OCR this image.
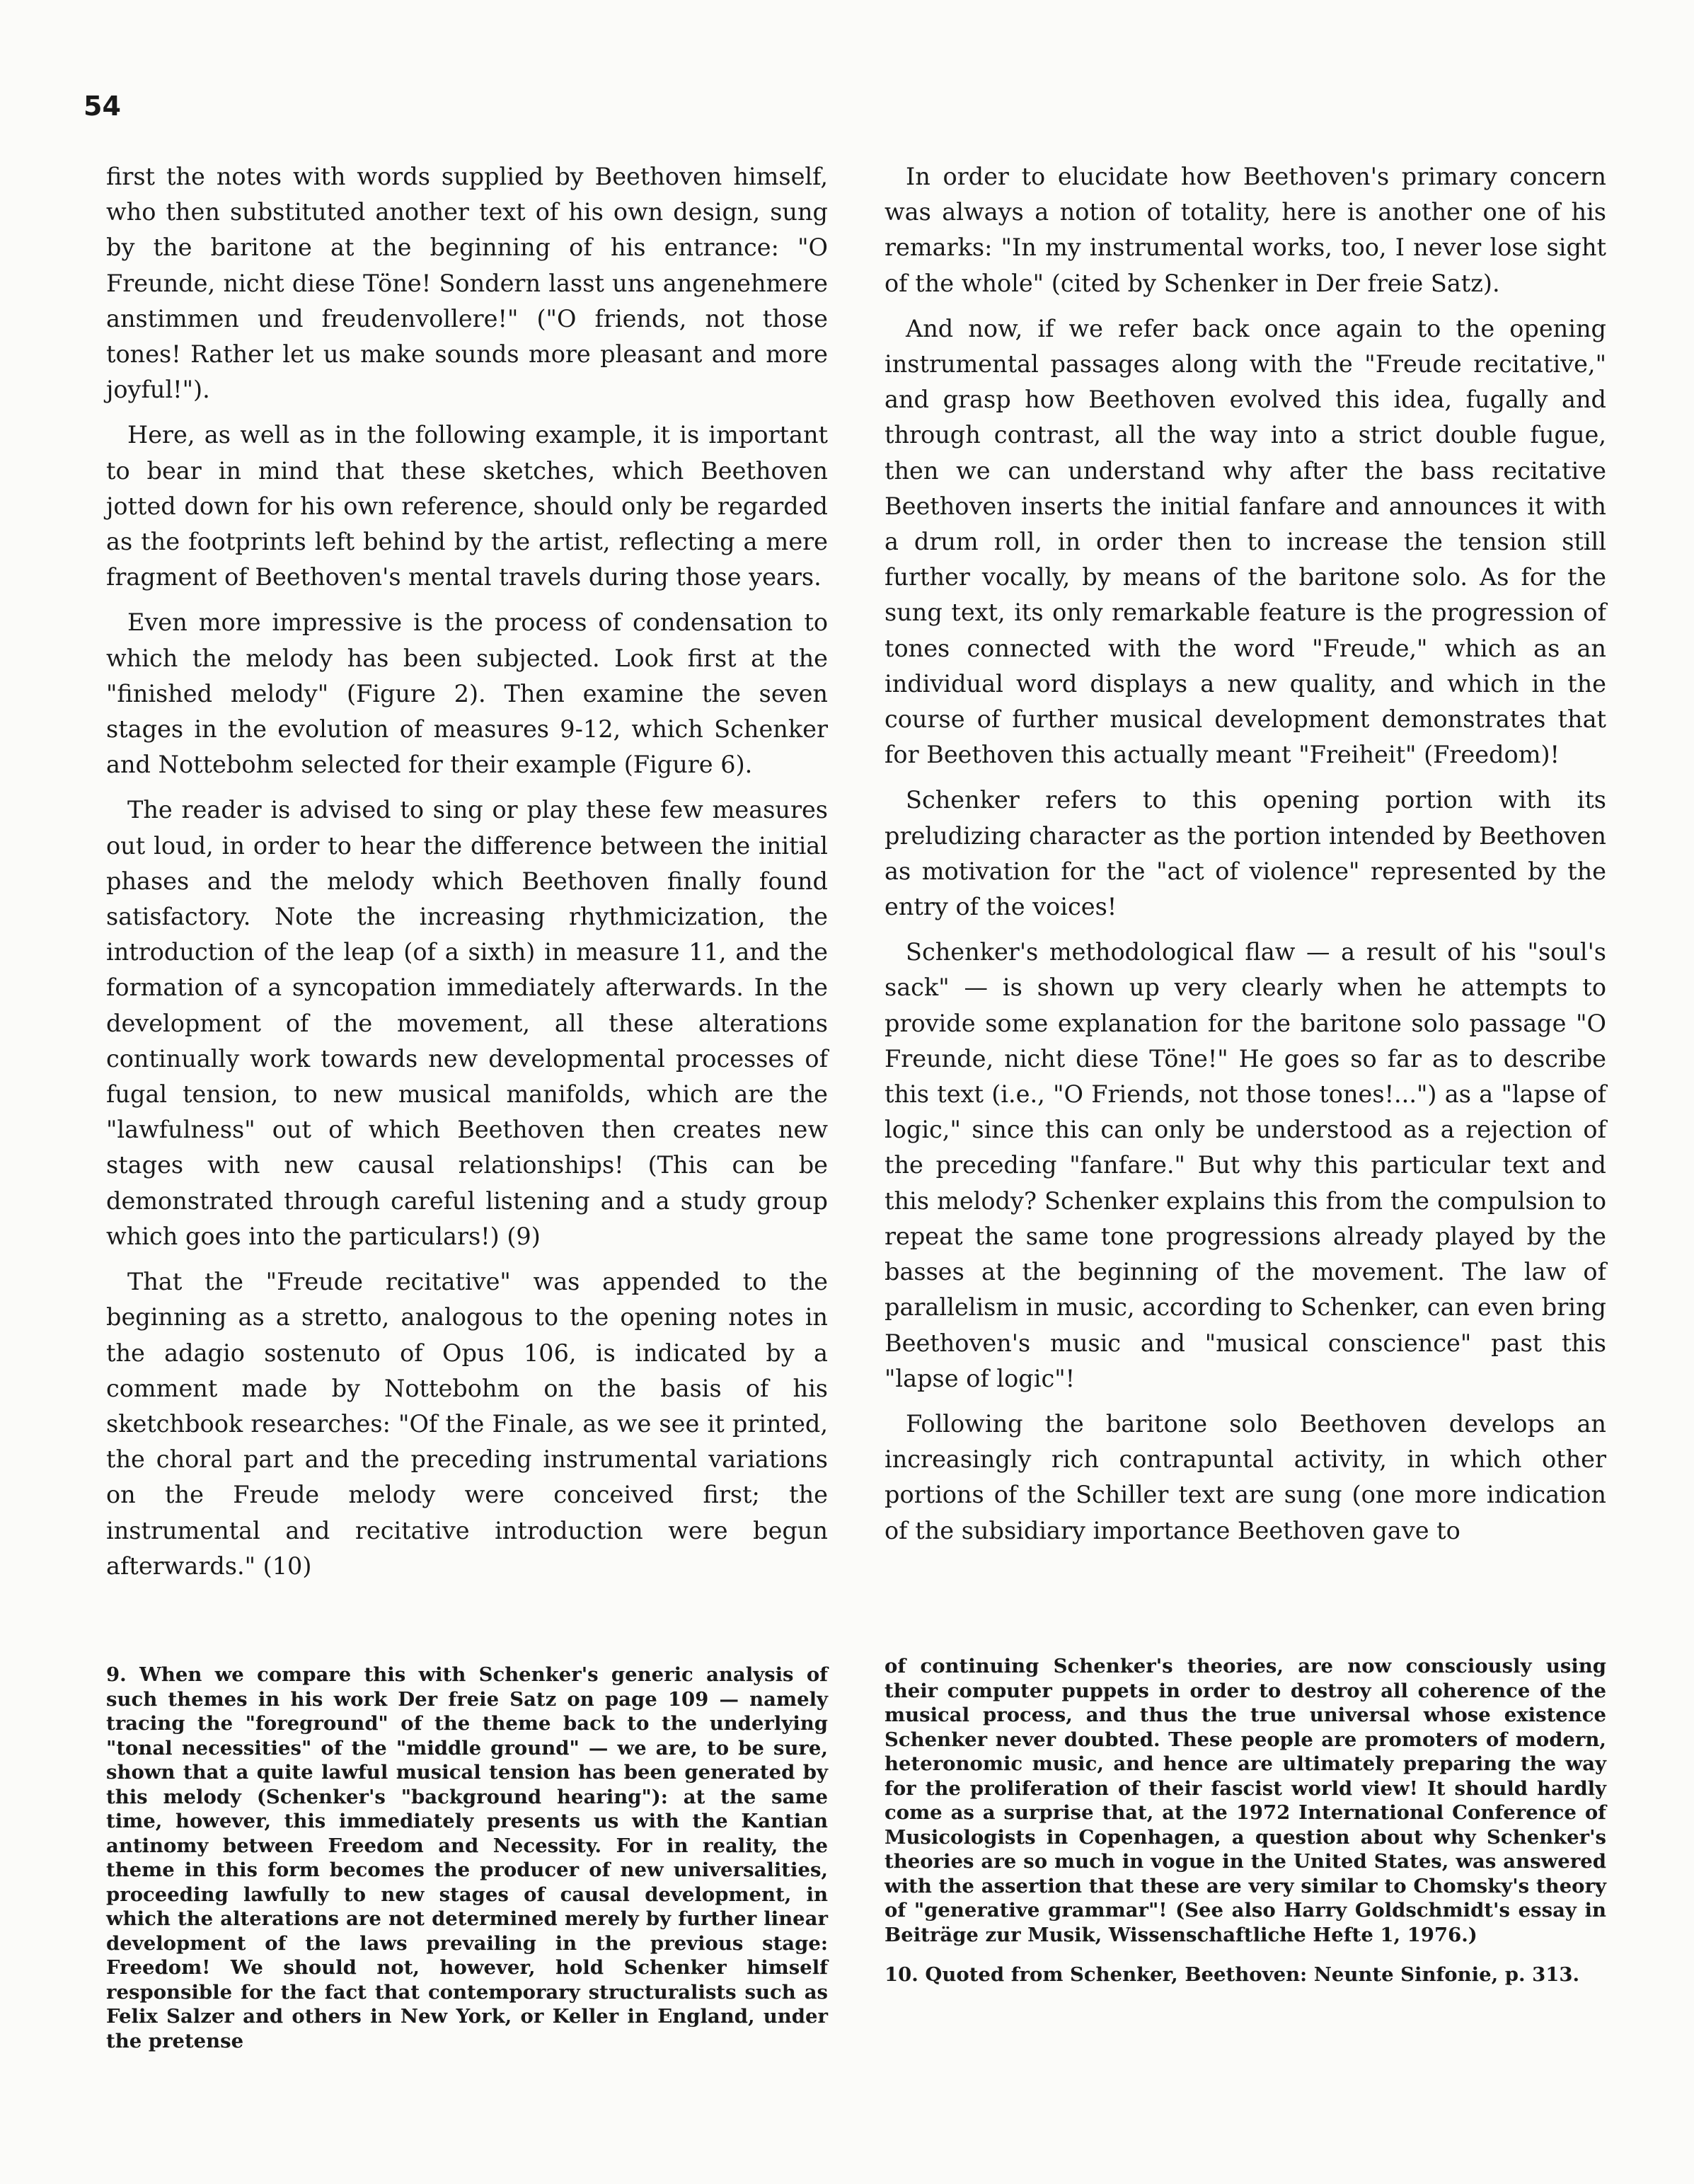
54

first the notes with words supplied by Beethoven himself, who then substituted another text of his own design, sung by the baritone at the beginning of his entrance: "O Freunde, nicht diese Töne! Sondern lasst uns angenehmere anstimmen und freudenvollere!" ("O friends, not those tones! Rather let us make sounds more pleasant and more joyful!").

Here, as well as in the following example, it is important to bear in mind that these sketches, which Beethoven jotted down for his own reference, should only be regarded as the footprints left behind by the artist, reflecting a mere fragment of Beethoven's mental travels during those years.

Even more impressive is the process of condensation to which the melody has been subjected. Look first at the "finished melody" (Figure 2). Then examine the seven stages in the evolution of measures 9-12, which Schenker and Nottebohm selected for their example (Figure 6).

The reader is advised to sing or play these few measures out loud, in order to hear the difference between the initial phases and the melody which Beethoven finally found satisfactory. Note the increasing rhythmicization, the introduction of the leap (of a sixth) in measure 11, and the formation of a syncopation immediately afterwards. In the development of the movement, all these alterations continually work towards new developmental processes of fugal tension, to new musical manifolds, which are the "lawfulness" out of which Beethoven then creates new stages with new causal relationships! (This can be demonstrated through careful listening and a study group which goes into the particulars!) (9)

That the "Freude recitative" was appended to the beginning as a stretto, analogous to the opening notes in the adagio sostenuto of Opus 106, is indicated by a comment made by Nottebohm on the basis of his sketchbook researches: "Of the Finale, as we see it printed, the choral part and the preceding instrumental variations on the Freude melody were conceived first; the instrumental and recitative introduction were begun afterwards." (10)

In order to elucidate how Beethoven's primary concern was always a notion of totality, here is another one of his remarks: "In my instrumental works, too, I never lose sight of the whole" (cited by Schenker in Der freie Satz).

And now, if we refer back once again to the opening instrumental passages along with the "Freude recitative," and grasp how Beethoven evolved this idea, fugally and through contrast, all the way into a strict double fugue, then we can understand why after the bass recitative Beethoven inserts the initial fanfare and announces it with a drum roll, in order then to increase the tension still further vocally, by means of the baritone solo. As for the sung text, its only remarkable feature is the progression of tones connected with the word "Freude," which as an individual word displays a new quality, and which in the course of further musical development demonstrates that for Beethoven this actually meant "Freiheit" (Freedom)!

Schenker refers to this opening portion with its preludizing character as the portion intended by Beethoven as motivation for the "act of violence" represented by the entry of the voices!

Schenker's methodological flaw — a result of his "soul's sack" — is shown up very clearly when he attempts to provide some explanation for the baritone solo passage "O Freunde, nicht diese Töne!" He goes so far as to describe this text (i.e., "O Friends, not those tones!...") as a "lapse of logic," since this can only be understood as a rejection of the preceding "fanfare." But why this particular text and this melody? Schenker explains this from the compulsion to repeat the same tone progressions already played by the basses at the beginning of the movement. The law of parallelism in music, according to Schenker, can even bring Beethoven's music and "musical conscience" past this "lapse of logic"!

Following the baritone solo Beethoven develops an increasingly rich contrapuntal activity, in which other portions of the Schiller text are sung (one more indication of the subsidiary importance Beethoven gave to

9. When we compare this with Schenker's generic analysis of such themes in his work Der freie Satz on page 109 — namely tracing the "foreground" of the theme back to the underlying "tonal necessities" of the "middle ground" — we are, to be sure, shown that a quite lawful musical tension has been generated by this melody (Schenker's "background hearing"): at the same time, however, this immediately presents us with the Kantian antinomy between Freedom and Necessity. For in reality, the theme in this form becomes the producer of new universalities, proceeding lawfully to new stages of causal development, in which the alterations are not determined merely by further linear development of the laws prevailing in the previous stage: Freedom! We should not, however, hold Schenker himself responsible for the fact that contemporary structuralists such as Felix Salzer and others in New York, or Keller in England, under the pretense

of continuing Schenker's theories, are now consciously using their computer puppets in order to destroy all coherence of the musical process, and thus the true universal whose existence Schenker never doubted. These people are promoters of modern, heteronomic music, and hence are ultimately preparing the way for the proliferation of their fascist world view! It should hardly come as a surprise that, at the 1972 International Conference of Musicologists in Copenhagen, a question about why Schenker's theories are so much in vogue in the United States, was answered with the assertion that these are very similar to Chomsky's theory of "generative grammar"! (See also Harry Goldschmidt's essay in Beiträge zur Musik, Wissenschaftliche Hefte 1, 1976.)

10. Quoted from Schenker, Beethoven: Neunte Sinfonie, p. 313.
